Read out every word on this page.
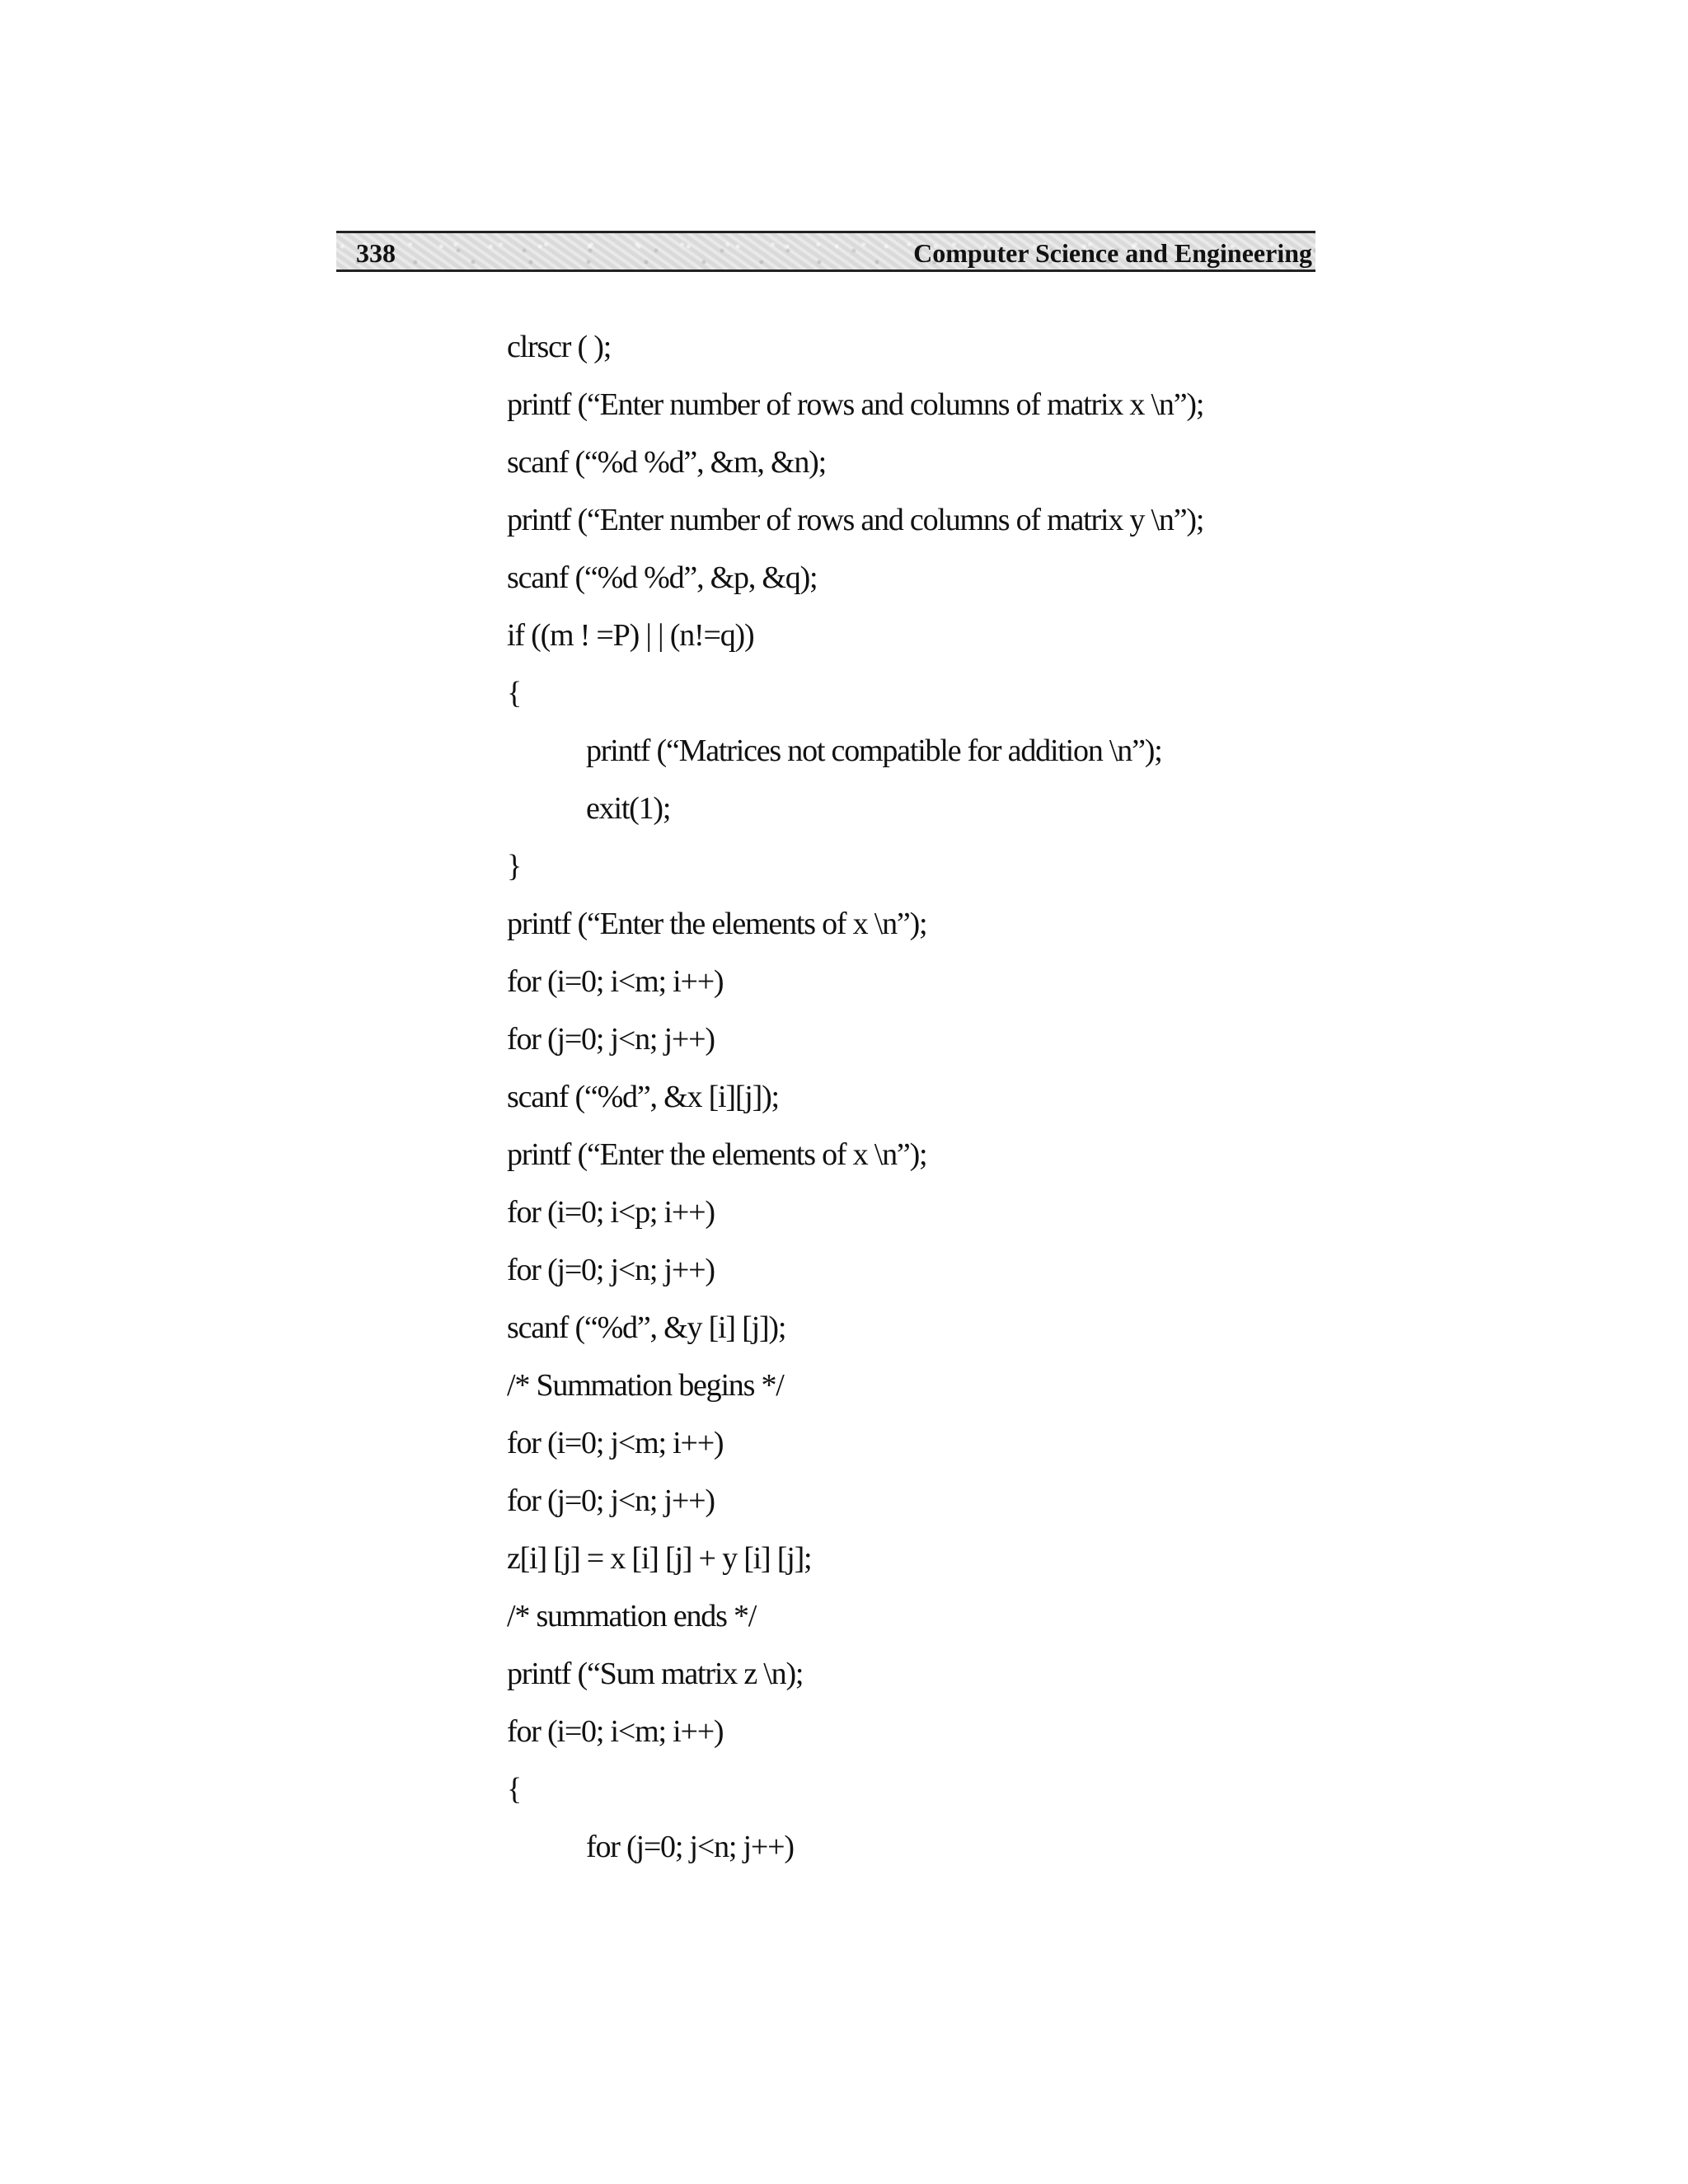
338	Computer Science and Engineering
clrscr ( );
printf (“Enter number of rows and columns of matrix x \n”);
scanf (“%d %d”, &m, &n);
printf (“Enter number of rows and columns of matrix y \n”);
scanf (“%d %d”, &p, &q);
if ((m ! =P) | | (n!=q))
{
printf (“Matrices not compatible for addition \n”);
exit(1);
}
printf (“Enter the elements of x \n”);
for (i=0; i<m; i++)
for (j=0; j<n; j++)
scanf (“%d”, &x [i][j]);
printf (“Enter the elements of x \n”);
for (i=0; i<p; i++)
for (j=0; j<n; j++)
scanf (“%d”, &y [i] [j]);
/* Summation begins */
for (i=0; j<m; i++)
for (j=0; j<n; j++)
z[i] [j] = x [i] [j] + y [i] [j];
/* summation ends */
printf (“Sum matrix z \n);
for (i=0; i<m; i++)
{
for (j=0; j<n; j++)
